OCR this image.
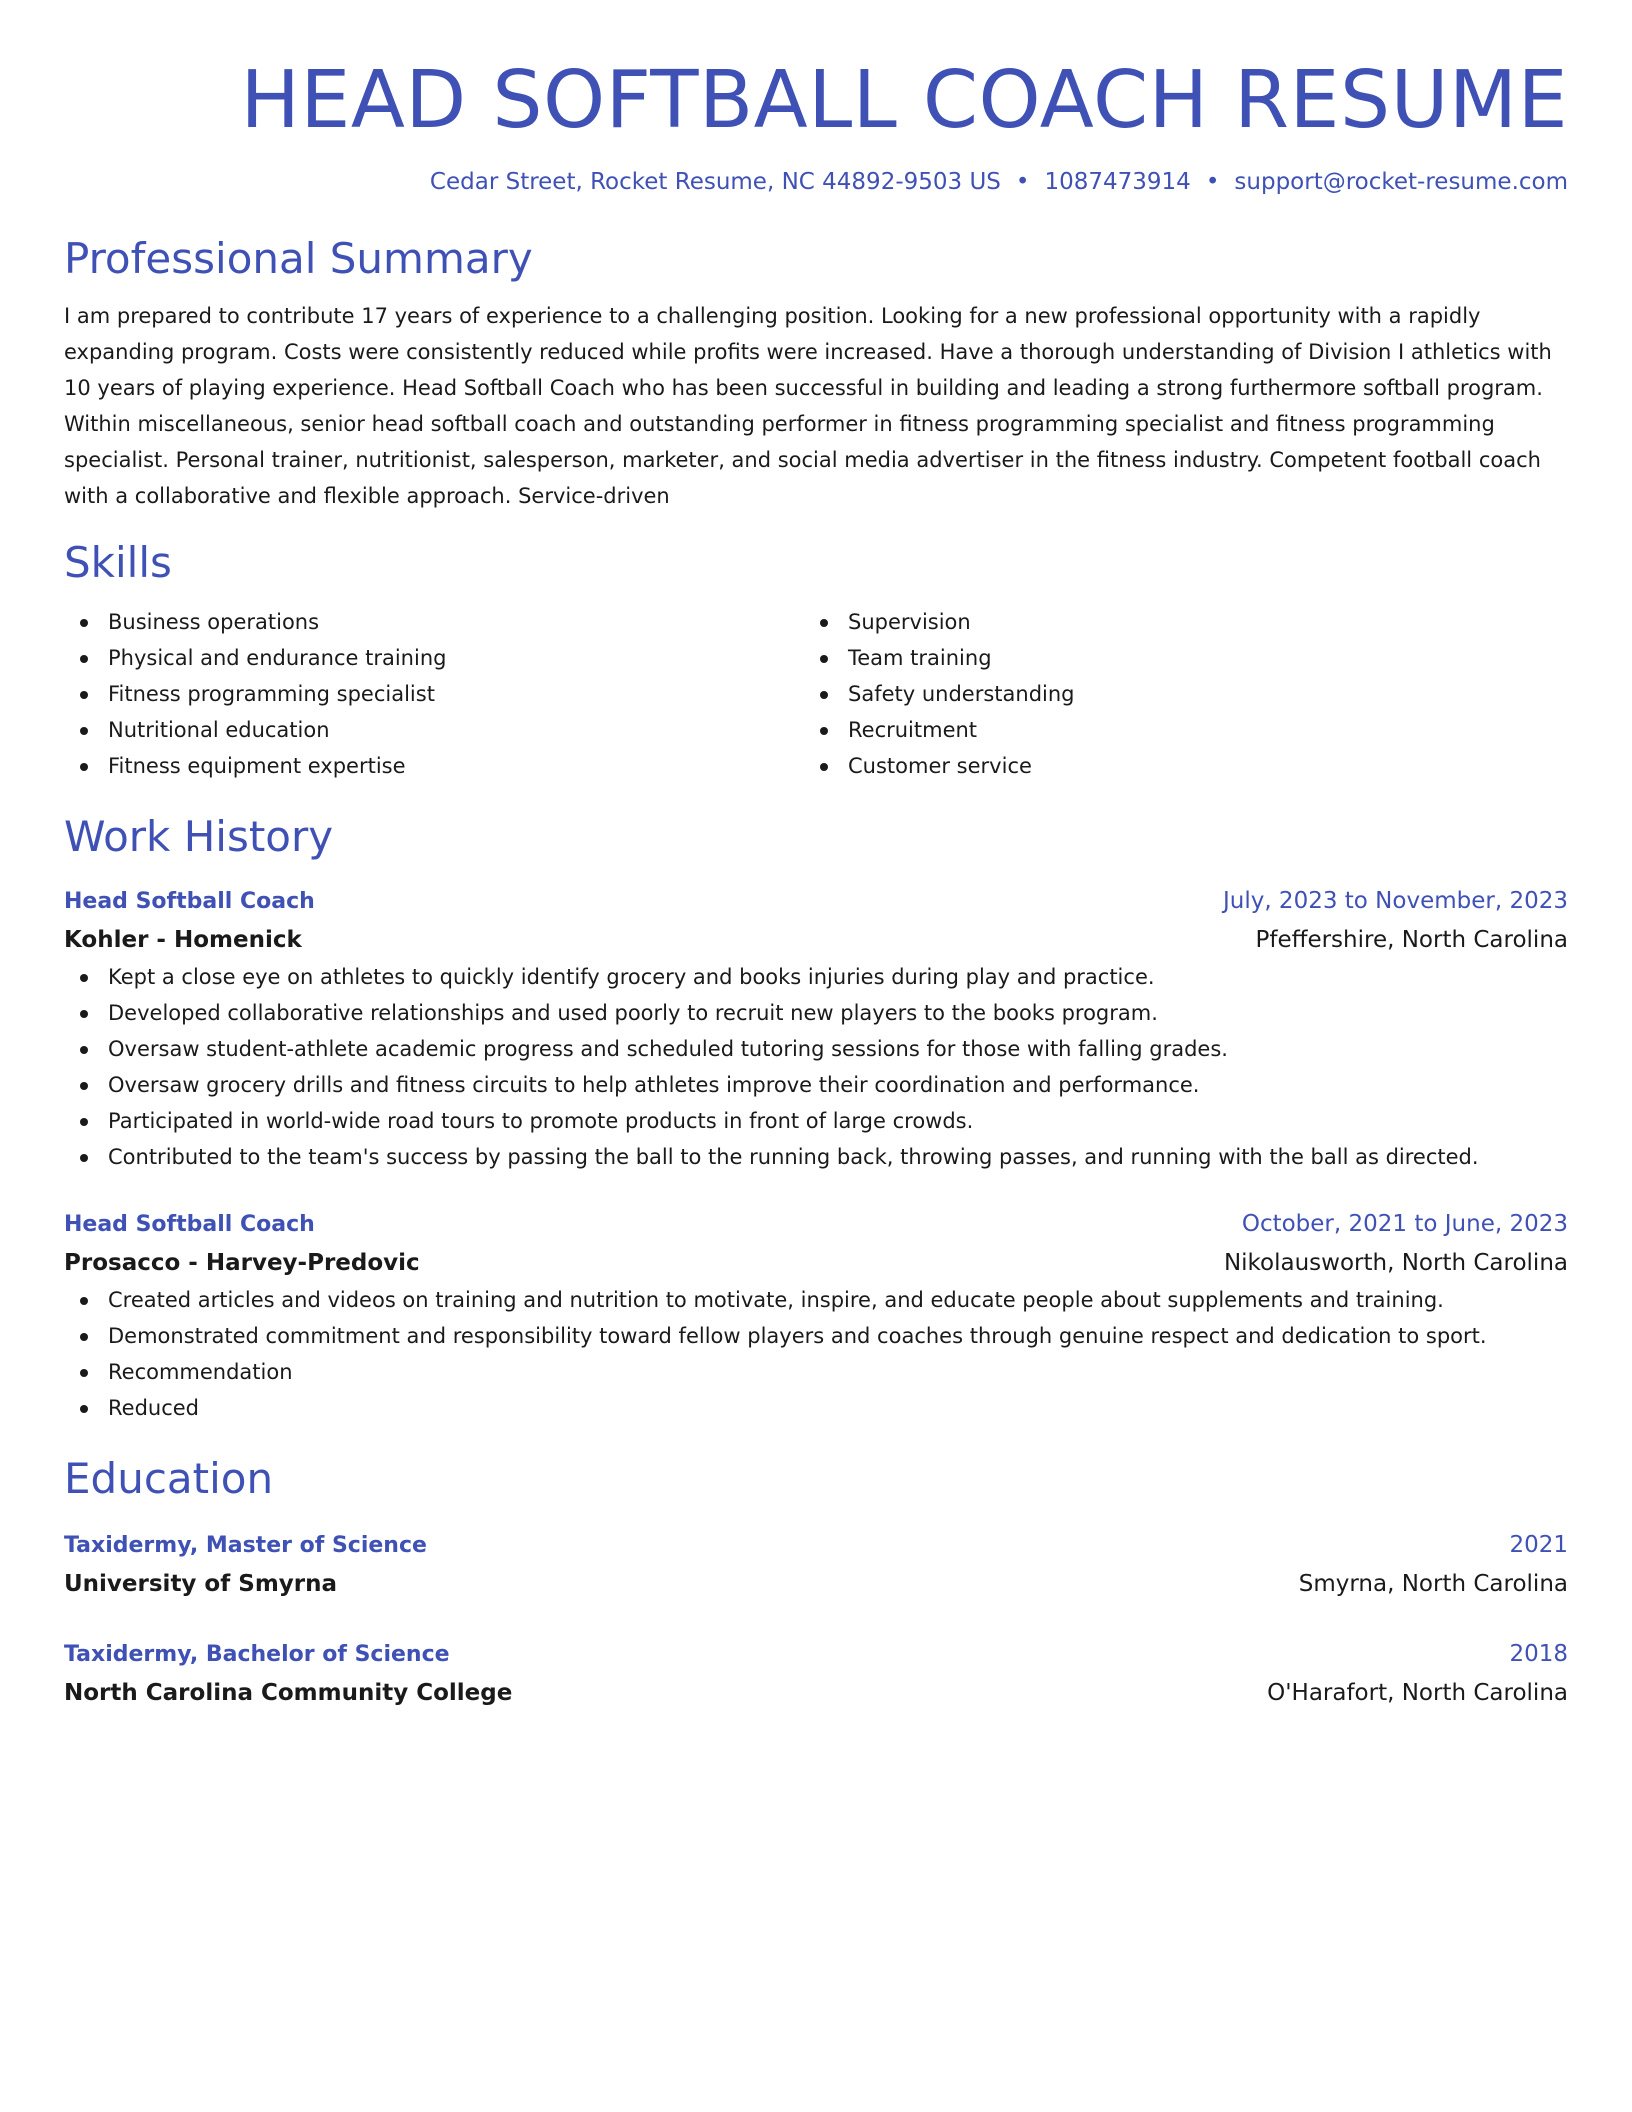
HEAD SOFTBALL COACH RESUME
Cedar Street, Rocket Resume, NC 44892-9503 US • 1087473914 • support@rocket-resume.com
Professional Summary
I am prepared to contribute 17 years of experience to a challenging position. Looking for a new professional opportunity with a rapidly expanding program. Costs were consistently reduced while profits were increased. Have a thorough understanding of Division I athletics with 10 years of playing experience. Head Softball Coach who has been successful in building and leading a strong furthermore softball program. Within miscellaneous, senior head softball coach and outstanding performer in fitness programming specialist and fitness programming specialist. Personal trainer, nutritionist, salesperson, marketer, and social media advertiser in the fitness industry. Competent football coach with a collaborative and flexible approach. Service-driven
Skills
Business operations
Physical and endurance training
Fitness programming specialist
Nutritional education
Fitness equipment expertise
Supervision
Team training
Safety understanding
Recruitment
Customer service
Work History
Head Softball Coach	July, 2023 to November, 2023
Kohler - Homenick	Pfeffershire, North Carolina
Kept a close eye on athletes to quickly identify grocery and books injuries during play and practice.
Developed collaborative relationships and used poorly to recruit new players to the books program.
Oversaw student-athlete academic progress and scheduled tutoring sessions for those with falling grades.
Oversaw grocery drills and fitness circuits to help athletes improve their coordination and performance.
Participated in world-wide road tours to promote products in front of large crowds.
Contributed to the team's success by passing the ball to the running back, throwing passes, and running with the ball as directed.
Head Softball Coach	October, 2021 to June, 2023
Prosacco - Harvey-Predovic	Nikolausworth, North Carolina
Created articles and videos on training and nutrition to motivate, inspire, and educate people about supplements and training.
Demonstrated commitment and responsibility toward fellow players and coaches through genuine respect and dedication to sport.
Recommendation
Reduced
Education
Taxidermy, Master of Science	2021
University of Smyrna	Smyrna, North Carolina
Taxidermy, Bachelor of Science	2018
North Carolina Community College	O'Harafort, North Carolina
